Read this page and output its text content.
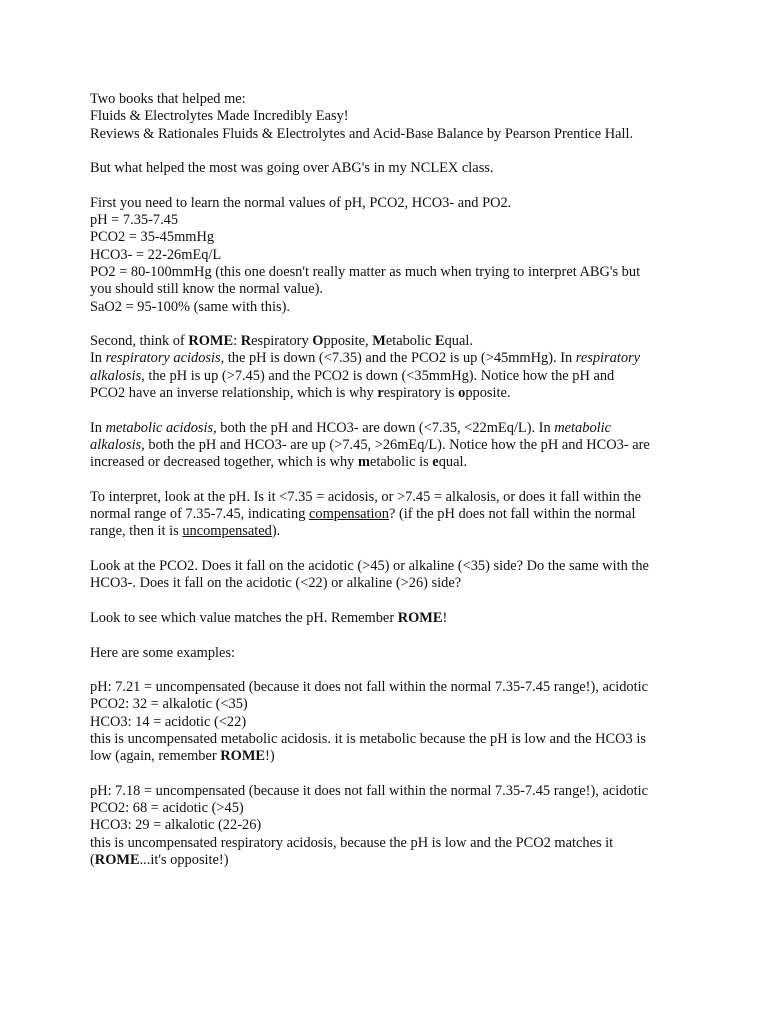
Two books that helped me:
Fluids & Electrolytes Made Incredibly Easy!
Reviews & Rationales Fluids & Electrolytes and Acid-Base Balance by Pearson Prentice Hall.
But what helped the most was going over ABG's in my NCLEX class.
First you need to learn the normal values of pH, PCO2, HCO3- and PO2.
pH = 7.35-7.45
PCO2 = 35-45mmHg
HCO3- = 22-26mEq/L
PO2 = 80-100mmHg (this one doesn't really matter as much when trying to interpret ABG's but
you should still know the normal value).
SaO2 = 95-100% (same with this).
Second, think of ROME: Respiratory Opposite, Metabolic Equal.
In respiratory acidosis, the pH is down (<7.35) and the PCO2 is up (>45mmHg). In respiratory
alkalosis, the pH is up (>7.45) and the PCO2 is down (<35mmHg). Notice how the pH and
PCO2 have an inverse relationship, which is why respiratory is opposite.
In metabolic acidosis, both the pH and HCO3- are down (<7.35, <22mEq/L). In metabolic
alkalosis, both the pH and HCO3- are up (>7.45, >26mEq/L). Notice how the pH and HCO3- are
increased or decreased together, which is why metabolic is equal.
To interpret, look at the pH. Is it <7.35 = acidosis, or >7.45 = alkalosis, or does it fall within the
normal range of 7.35-7.45, indicating compensation? (if the pH does not fall within the normal
range, then it is uncompensated).
Look at the PCO2. Does it fall on the acidotic (>45) or alkaline (<35) side? Do the same with the
HCO3-. Does it fall on the acidotic (<22) or alkaline (>26) side?
Look to see which value matches the pH. Remember ROME!
Here are some examples:
pH: 7.21 = uncompensated (because it does not fall within the normal 7.35-7.45 range!), acidotic
PCO2: 32 = alkalotic (<35)
HCO3: 14 = acidotic (<22)
this is uncompensated metabolic acidosis. it is metabolic because the pH is low and the HCO3 is
low (again, remember ROME!)
pH: 7.18 = uncompensated (because it does not fall within the normal 7.35-7.45 range!), acidotic
PCO2: 68 = acidotic (>45)
HCO3: 29 = alkalotic (22-26)
this is uncompensated respiratory acidosis, because the pH is low and the PCO2 matches it
(ROME...it's opposite!)
